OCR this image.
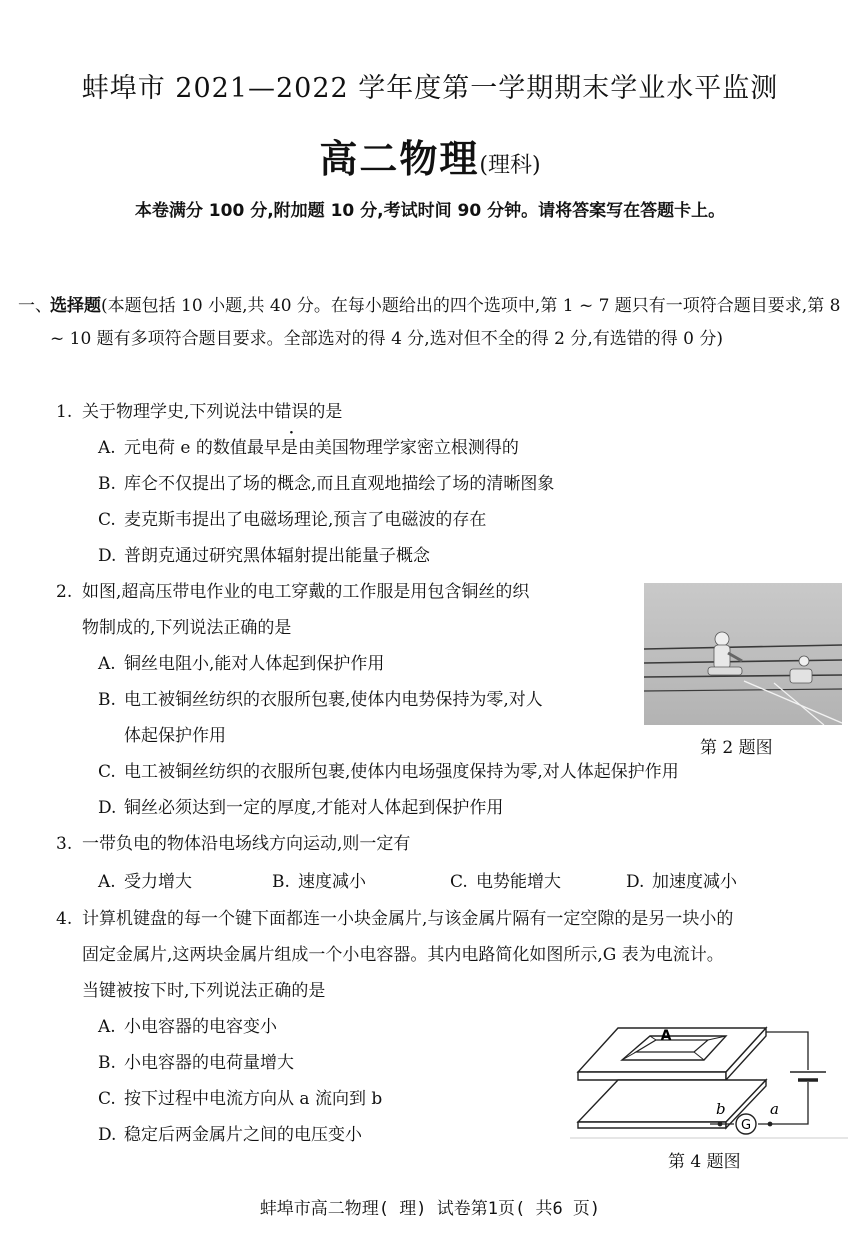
蚌埠市 2021—2022 学年度第一学期期末学业水平监测
高二物理(理科)
本卷满分 100 分,附加题 10 分,考试时间 90 分钟。请将答案写在答题卡上。
一、
选择题(本题包括 10 小题,共 40 分。在每小题给出的四个选项中,第 1 ~ 7 题只有一项符合题目要求,第 8 ~ 10 题有多项符合题目要求。全部选对的得 4 分,选对但不全的得 2 分,有选错的得 0 分)
1. 关于物理学史,下列说法中错误的是
A. 元电荷 e 的数值最早是由美国物理学家密立根测得的
B. 库仑不仅提出了场的概念,而且直观地描绘了场的清晰图象
C. 麦克斯韦提出了电磁场理论,预言了电磁波的存在
D. 普朗克通过研究黑体辐射提出能量子概念
2. 如图,超高压带电作业的电工穿戴的工作服是用包含铜丝的织
物制成的,下列说法正确的是
A. 铜丝电阻小,能对人体起到保护作用
B. 电工被铜丝纺织的衣服所包裹,使体内电势保持为零,对人
体起保护作用
C. 电工被铜丝纺织的衣服所包裹,使体内电场强度保持为零,对人体起保护作用
D. 铜丝必须达到一定的厚度,才能对人体起到保护作用
第 2 题图
3. 一带负电的物体沿电场线方向运动,则一定有
A. 受力增大	B. 速度减小	C. 电势能增大	D. 加速度减小
4. 计算机键盘的每一个键下面都连一小块金属片,与该金属片隔有一定空隙的是另一块小的
固定金属片,这两块金属片组成一个小电容器。其内电路简化如图所示,G 表为电流计。
当键被按下时,下列说法正确的是
A. 小电容器的电容变小
B. 小电容器的电荷量增大
C. 按下过程中电流方向从 a 流向到 b
D. 稳定后两金属片之间的电压变小
A
G
b	a
第 4 题图
蚌埠市高二物理( 理) 试卷第1页( 共6 页)
